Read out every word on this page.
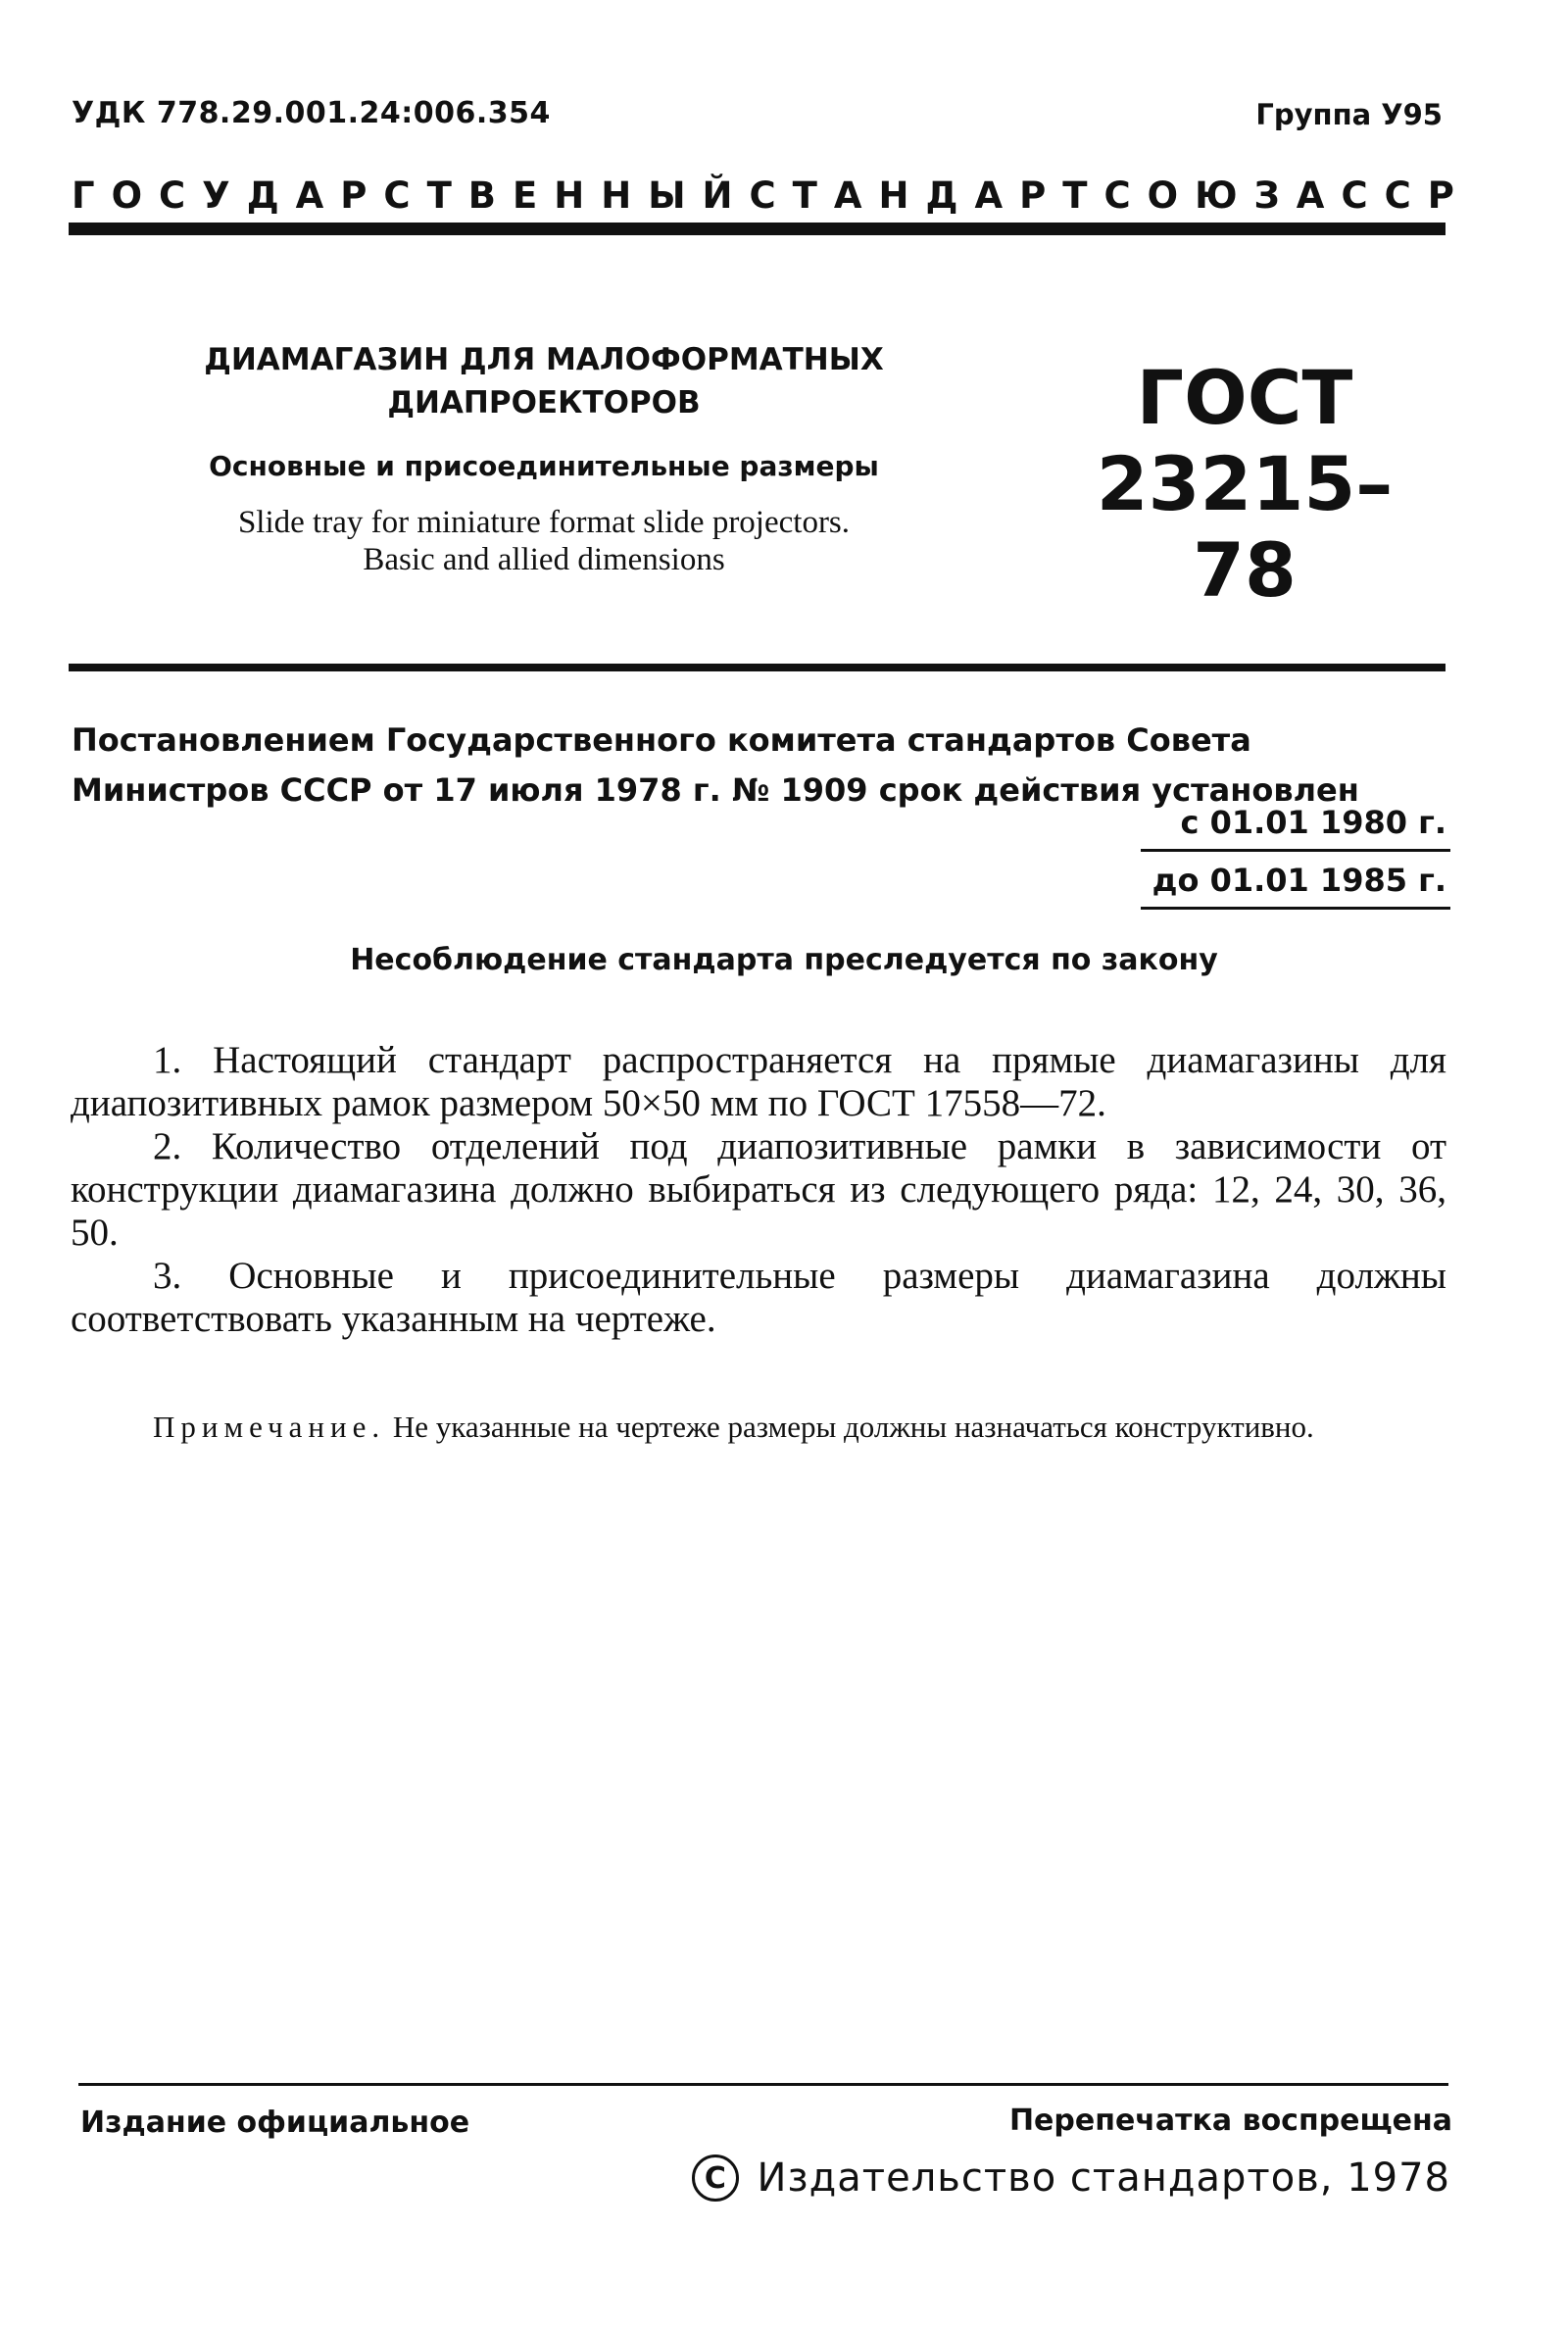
УДК 778.29.001.24:006.354	Группа У95
ГОСУДАРСТВЕННЫЙ СТАНДАРТ СОЮЗА ССР

ДИАМАГАЗИН ДЛЯ МАЛОФОРМАТНЫХ
ДИАПРОЕКТОРОВ

Основные и присоединительные размеры

Slide tray for miniature format slide projectors.
Basic and allied dimensions

ГОСТ
23215–78
Постановлением Государственного комитета стандартов Совета Министров СССР от 17 июля 1978 г. № 1909 срок действия установлен
с 01.01 1980 г.
до 01.01 1985 г.
Несоблюдение стандарта преследуется по закону

1. Настоящий стандарт распространяется на прямые диамагазины для диапозитивных рамок размером 50×50 мм по ГОСТ 17558—72.

2. Количество отделений под диапозитивные рамки в зависимости от конструкции диамагазина должно выбираться из следующего ряда: 12, 24, 30, 36, 50.

3. Основные и присоединительные размеры диамагазина должны соответствовать указанным на чертеже.

Примечание. Не указанные на чертеже размеры должны назначаться конструктивно.
Издание официальное	Перепечатка воспрещена
C Издательство стандартов, 1978
